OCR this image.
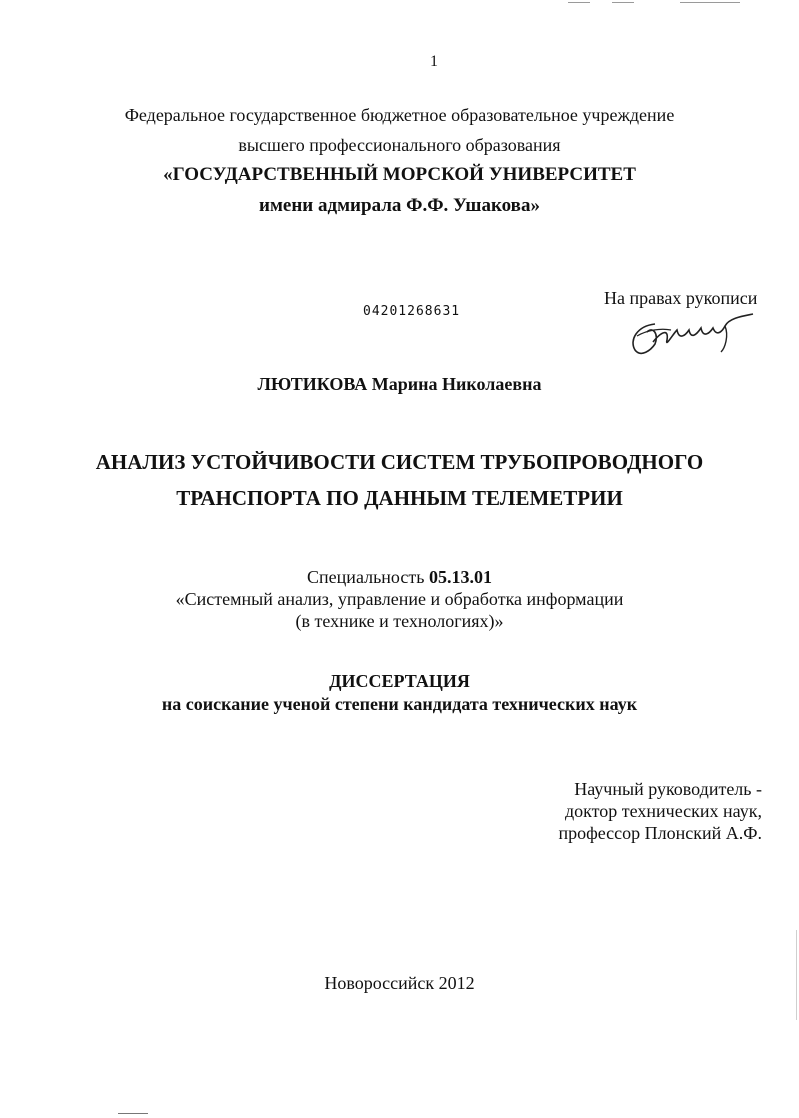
1
Федеральное государственное бюджетное образовательное учреждение
высшего профессионального образования
«ГОСУДАРСТВЕННЫЙ МОРСКОЙ УНИВЕРСИТЕТ
имени адмирала Ф.Ф. Ушакова»
04201268631
На правах рукописи
ЛЮТИКОВА Марина Николаевна
АНАЛИЗ УСТОЙЧИВОСТИ СИСТЕМ ТРУБОПРОВОДНОГО
ТРАНСПОРТА ПО ДАННЫМ ТЕЛЕМЕТРИИ
Специальность 05.13.01
«Системный анализ, управление и обработка информации
(в технике и технологиях)»
ДИССЕРТАЦИЯ
на соискание ученой степени кандидата технических наук
Научный руководитель -
доктор технических наук,
профессор Плонский А.Ф.
Новороссийск 2012
